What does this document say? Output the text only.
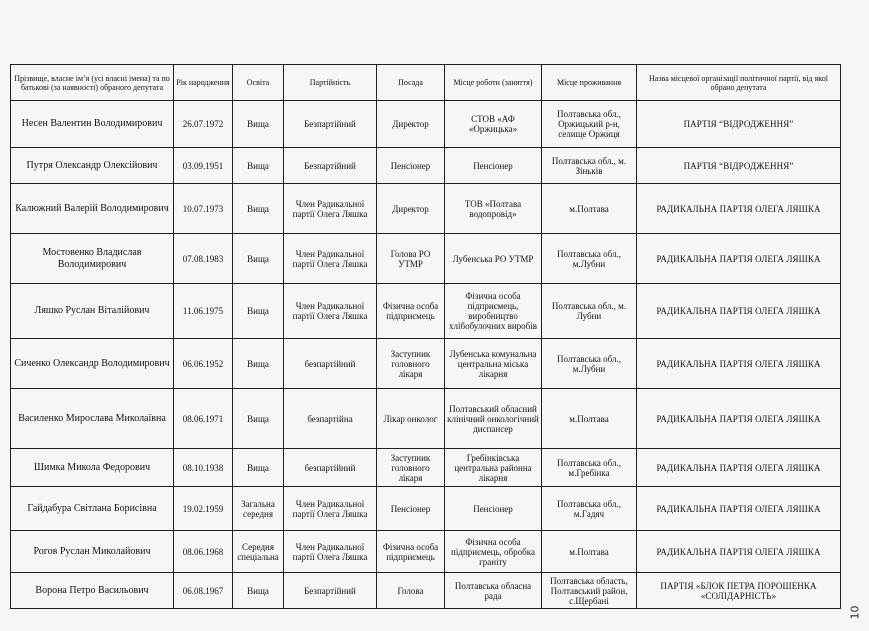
Прізвище, власне ім’я (усі власні імена) та по батькові (за наявності) обраного депутата	Рік народження	Освіта	Партійність	Посада	Місце роботи (заняття)	Місце проживання	Назва місцевої організації політичної партії, від якої обрано депутата
Несен Валентин Володимирович	26.07.1972	Вища	Безпартійний	Директор	СТОВ «АФ «Оржицька»	Полтавська обл., Оржицький р-н, селище Оржиця	ПАРТІЯ “ВІДРОДЖЕННЯ”
Путря Олександр Олексійович	03.09.1951	Вища	Безпартійний	Пенсіонер	Пенсіонер	Полтавська обл., м. Зіньків	ПАРТІЯ “ВІДРОДЖЕННЯ”
Калюжний Валерій Володимирович	10.07.1973	Вища	Член Радикальної партії Олега Ляшка	Директор	ТОВ «Полтава водопровід»	м.Полтава	РАДИКАЛЬНА ПАРТІЯ ОЛЕГА ЛЯШКА
Мостовенко Владислав Володимирович	07.08.1983	Вища	Член Радикальної партії Олега Ляшка	Голова РО УТМР	Лубенська РО УТМР	Полтавська обл., м.Лубни	РАДИКАЛЬНА ПАРТІЯ ОЛЕГА ЛЯШКА
Ляшко Руслан Віталійович	11.06.1975	Вища	Член Радикальної партії Олега Ляшка	Фізична особа підприємець	Фізична особа підприємець, виробництво хлібобулочних виробів	Полтавська обл., м. Лубни	РАДИКАЛЬНА ПАРТІЯ ОЛЕГА ЛЯШКА
Сиченко Олександр Володимирович	06.06.1952	Вища	безпартійний	Заступник головного лікаря	Лубенська комунальна центральна міська лікарня	Полтавська обл., м.Лубни	РАДИКАЛЬНА ПАРТІЯ ОЛЕГА ЛЯШКА
Василенко Мирослава Миколаївна	08.06.1971	Вища	безпартійна	Лікар онколог	Полтавський обласний клінічний онкологічний диспансер	м.Полтава	РАДИКАЛЬНА ПАРТІЯ ОЛЕГА ЛЯШКА
Шимка Микола Федорович	08.10.1938	Вища	безпартійний	Заступник головного лікаря	Гребінківська центральна районна лікарня	Полтавська обл., м.Гребінка	РАДИКАЛЬНА ПАРТІЯ ОЛЕГА ЛЯШКА
Гайдабура Світлана Борисівна	19.02.1959	Загальна середня	Член Радикальної партії Олега Ляшка	Пенсіонер	Пенсіонер	Полтавська обл., м.Гадяч	РАДИКАЛЬНА ПАРТІЯ ОЛЕГА ЛЯШКА
Рогов Руслан Миколайович	08.06.1968	Середня спеціальна	Член Радикальної партії Олега Ляшка	Фізична особа підприємець	Фізична особа підприємець, обробка граніту	м.Полтава	РАДИКАЛЬНА ПАРТІЯ ОЛЕГА ЛЯШКА
Ворона Петро Васильович	06.08.1967	Вища	Безпартійний	Голова	Полтавська обласна рада	Полтавська область, Полтавський район, с.Щербані	ПАРТІЯ «БЛОК ПЕТРА ПОРОШЕНКА «СОЛІДАРНІСТЬ»
10
